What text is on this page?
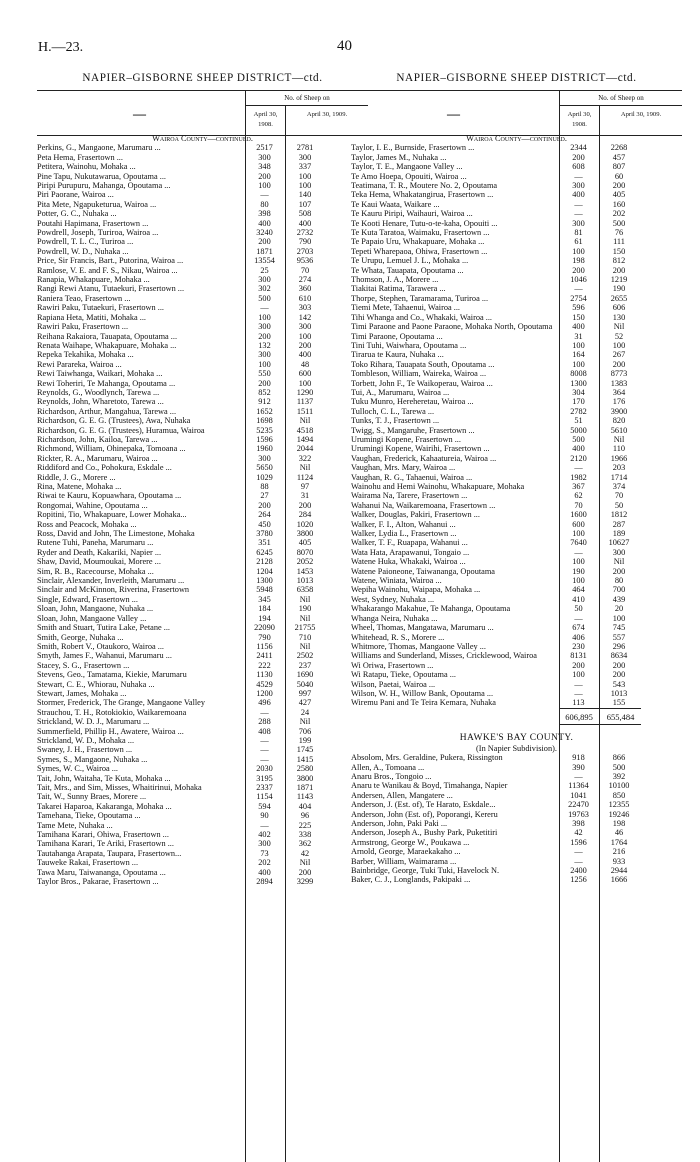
H.—23.	40
NAPIER–GISBORNE SHEEP DISTRICT—ctd.
—
No. of Sheep on
April 30, 1908.
April 30, 1909.
Wairoa County—continued.
Perkins, G., Mangaone, Marumaru ...	2517	2781
Peta Hema, Frasertown ...	300	300
Petitera, Wainohu, Mohaka ...	348	337
Pine Tapu, Nukutawarua, Opoutama ...	200	100
Piripi Purupuru, Mahanga, Opoutama ...	100	100
Piri Paorane, Wairoa ...	—	140
Pita Mete, Ngapuketurua, Wairoa ...	80	107
Potter, G. C., Nuhaka ...	398	508
Poutahi Hapimana, Frasertown ...	400	400
Powdrell, Joseph, Turiroa, Wairoa ...	3240	2732
Powdrell, T. L. C., Turiroa ...	200	790
Powdrell, W. D., Nuhaka ...	1871	2703
Price, Sir Francis, Bart., Putorina, Wairoa ...	13554	9536
Ramlose, V. E. and F. S., Nikau, Wairoa ...	25	70
Ranapia, Whakapuare, Mohaka ...	300	274
Rangi Rewi Atanu, Tutaekuri, Frasertown ...	302	360
Raniera Teao, Frasertown ...	500	610
Rawiri Paku, Tutaekuri, Frasertown ...	—	303
Rapiana Heta, Matiti, Mohaka ...	100	142
Rawiri Paku, Frasertown ...	300	300
Reihana Rakaiora, Tauapata, Opoutama ...	200	100
Renata Waihape, Whakapuare, Mohaka ...	132	200
Repeka Tekahika, Mohaka ...	300	400
Rewi Parareka, Wairoa ...	100	48
Rewi Taiwhanga, Waikari, Mohaka ...	550	600
Rewi Toheriri, Te Mahanga, Opoutama ...	200	100
Reynolds, G., Woodlynch, Tarewa ...	852	1290
Reynolds, John, Wharetoto, Tarewa ...	912	1137
Richardson, Arthur, Mangahua, Tarewa ...	1652	1511
Richardson, G. E. G. (Trustees), Awa, Nuhaka	1698	Nil
Richardson, G. E. G. (Trustees), Huramua, Wairoa	5235	4518
Richardson, John, Kailoa, Tarewa ...	1596	1494
Richmond, William, Ohinepaka, Tomoana ...	1960	2044
Rickter, R. A., Marumaru, Wairoa ...	300	322
Riddiford and Co., Pohokura, Eskdale ...	5650	Nil
Riddle, J. G., Morere ...	1029	1124
Rina, Matene, Mohaka ...	88	97
Riwai te Kauru, Kopuawhara, Opoutama ...	27	31
Rongomai, Wahine, Opoutama ...	200	200
Ropitini, Tio, Whakapuare, Lower Mohaka...	264	284
Ross and Peacock, Mohaka ...	450	1020
Ross, David and John, The Limestone, Mohaka	3780	3800
Rutene Tuhi, Paneha, Marumaru ...	351	405
Ryder and Death, Kakariki, Napier ...	6245	8070
Shaw, David, Moumoukai, Morere ...	2128	2052
Sim, R. B., Racecourse, Mohaka ...	1204	1453
Sinclair, Alexander, Inverleith, Marumaru ...	1300	1013
Sinclair and McKinnon, Riverina, Frasertown	5948	6358
Single, Edward, Frasertown ...	345	Nil
Sloan, John, Mangaone, Nuhaka ...	184	190
Sloan, John, Mangaone Valley ...	194	Nil
Smith and Stuart, Tutira Lake, Petane ...	22090	21755
Smith, George, Nuhaka ...	790	710
Smith, Robert V., Otaukoro, Wairoa ...	1156	Nil
Smyth, James F., Wahanui, Marumaru ...	2411	2502
Stacey, S. G., Frasertown ...	222	237
Stevens, Geo., Tamatama, Kiekie, Marumaru	1130	1690
Stewart, C. E., Whiorau, Nuhaka ...	4529	5040
Stewart, James, Mohaka ...	1200	997
Stormer, Frederick, The Grange, Mangaone Valley	496	427
Strauchou, T. H., Rotokiokio, Waikaremoana	—	24
Strickland, W. D. J., Marumaru ...	288	Nil
Summerfield, Phillip H., Awatere, Wairoa ...	408	706
Strickland, W. D., Mohaka ...	—	199
Swaney, J. H., Frasertown ...	—	1745
Symes, S., Mangaone, Nuhaka ...	—	1415
Symes, W. C., Wairoa ...	2030	2580
Tait, John, Waitaha, Te Kuta, Mohaka ...	3195	3800
Tait, Mrs., and Sim, Misses, Whaitirinui, Mohaka	2337	1871
Tait, W., Sunny Braes, Morere ...	1154	1143
Takarei Haparoa, Kakaranga, Mohaka ...	594	404
Tamehana, Tieke, Opoutama ...	90	96
Tame Mete, Nuhaka ...	—	225
Tamihana Karari, Ohiwa, Frasertown ...	402	338
Tamihana Karari, Te Ariki, Frasertown ...	300	362
Tautahanga Arapata, Taupara, Frasertown...	73	42
Tauweke Rakai, Frasertown ...	202	Nil
Tawa Maru, Taiwananga, Opoutama ...	400	200
Taylor Bros., Pakarae, Frasertown ...	2894	3299
NAPIER–GISBORNE SHEEP DISTRICT—ctd.
—
No. of Sheep on
April 30, 1908.
April 30, 1909.
Wairoa County—continued.
Taylor, I. E., Burnside, Frasertown ...	2344	2268
Taylor, James M., Nuhaka ...	200	457
Taylor, T. E., Mangaone Valley ...	608	807
Te Amo Hoepa, Opouiti, Wairoa ...	—	60
Teatimana, T. R., Moutere No. 2, Opoutama	300	200
Teka Hema, Whakatangirua, Frasertown ...	400	405
Te Kaui Waata, Waikare ...	—	160
Te Kauru Piripi, Waihauri, Wairoa ...	—	202
Te Kooti Henare, Tutu-o-te-kaha, Opouiti ...	300	500
Te Kuta Taratoa, Waimaku, Frasertown ...	81	76
Te Papaio Uru, Whakapuare, Mohaka ...	61	111
Tepeti Wharepaoa, Ohiwa, Frasertown ...	100	150
Te Urupu, Lemuel J. L., Mohaka ...	198	812
Te Whata, Tauapata, Opoutama ...	200	200
Thomson, J. A., Morere ...	1046	1219
Tiakitai Ratima, Tarawera ...	—	190
Thorpe, Stephen, Taramarama, Turiroa ...	2754	2655
Tiemi Mete, Tahaenui, Wairoa ...	596	606
Tihi Whanga and Co., Whakaki, Wairoa ...	150	130
Timi Paraone and Paone Paraone, Mohaka North, Opoutama	400	Nil
Timi Paraone, Opoutama ...	31	52
Tini Tuhi, Waiwhara, Opoutama ...	100	100
Tirarua te Kaura, Nuhaka ...	164	267
Toko Rihara, Tauapata South, Opoutama ...	100	200
Tombleson, William, Waireka, Wairoa ...	8008	8773
Torbett, John F., Te Waikoperau, Wairoa ...	1300	1383
Tui, A., Marumaru, Wairoa ...	304	364
Tuku Munro, Hereheretau, Wairoa ...	170	176
Tulloch, C. L., Tarewa ...	2782	3900
Tunks, T. J., Frasertown ...	51	820
Twigg, S., Mangaruhe, Frasertown ...	5000	5610
Urumingi Kopene, Frasertown ...	500	Nil
Urumingi Kopene, Wairihi, Frasertown ...	400	110
Vaughan, Frederick, Kahaatureia, Wairoa ...	2120	1966
Vaughan, Mrs. Mary, Wairoa ...	—	203
Vaughan, R. G., Tahaenui, Wairoa ...	1982	1714
Wainohu and Hemi Wainohu, Whakapuare, Mohaka	367	374
Wairama Na, Tarere, Frasertown ...	62	70
Wahanui Na, Waikaremoana, Frasertown ...	70	50
Walker, Douglas, Pakiri, Frasertown ...	1600	1812
Walker, F. I., Alton, Wahanui ...	600	287
Walker, Lydia L., Frasertown ...	100	189
Walker, T. F., Ruapapa, Wahanui ...	7640	10627
Wata Hata, Arapawanui, Tongaio ...	—	300
Watene Huka, Whakaki, Wairoa ...	100	Nil
Watene Paioneone, Taiwananga, Opoutama	190	200
Watene, Winiata, Wairoa ...	100	80
Wepiha Wainohu, Waipapa, Mohaka ...	464	700
West, Sydney, Nuhaka ...	410	439
Whakarango Makahue, Te Mahanga, Opoutama	50	20
Whanga Neira, Nuhaka ...	—	100
Wheel, Thomas, Mangatawa, Marumaru ...	674	745
Whitehead, R. S., Morere ...	406	557
Whitmore, Thomas, Mangaone Valley ...	230	296
Williams and Sunderland, Misses, Cricklewood, Wairoa	8131	8634
Wi Oriwa, Frasertown ...	200	200
Wi Ratapu, Tieke, Opoutama ...	100	200
Wilson, Paetai, Wairoa ...	—	543
Wilson, W. H., Willow Bank, Opoutama ...	—	1013
Wiremu Pani and Te Teira Kemara, Nuhaka	113	155
606,895	655,484
HAWKE'S BAY COUNTY.
(In Napier Subdivision).
Absolom, Mrs. Geraldine, Pukera, Rissington	918	866
Allen, A., Tomoana ...	390	500
Anaru Bros., Tongoio ...	—	392
Anaru te Wanikau & Boyd, Timahanga, Napier	11364	10100
Andersen, Allen, Mangatere ...	1041	850
Anderson, J. (Est. of), Te Harato, Eskdale...	22470	12355
Anderson, John (Est. of), Poporangi, Kereru	19763	19246
Anderson, John, Paki Paki ...	398	198
Anderson, Joseph A., Bushy Park, Puketitiri	42	46
Armstrong, George W., Poukawa ...	1596	1764
Arnold, George, Maraekakaho ...	—	216
Barber, William, Waimarama ...	—	933
Bainbridge, George, Tuki Tuki, Havelock N.	2400	2944
Baker, C. J., Longlands, Pakipaki ...	1256	1666
